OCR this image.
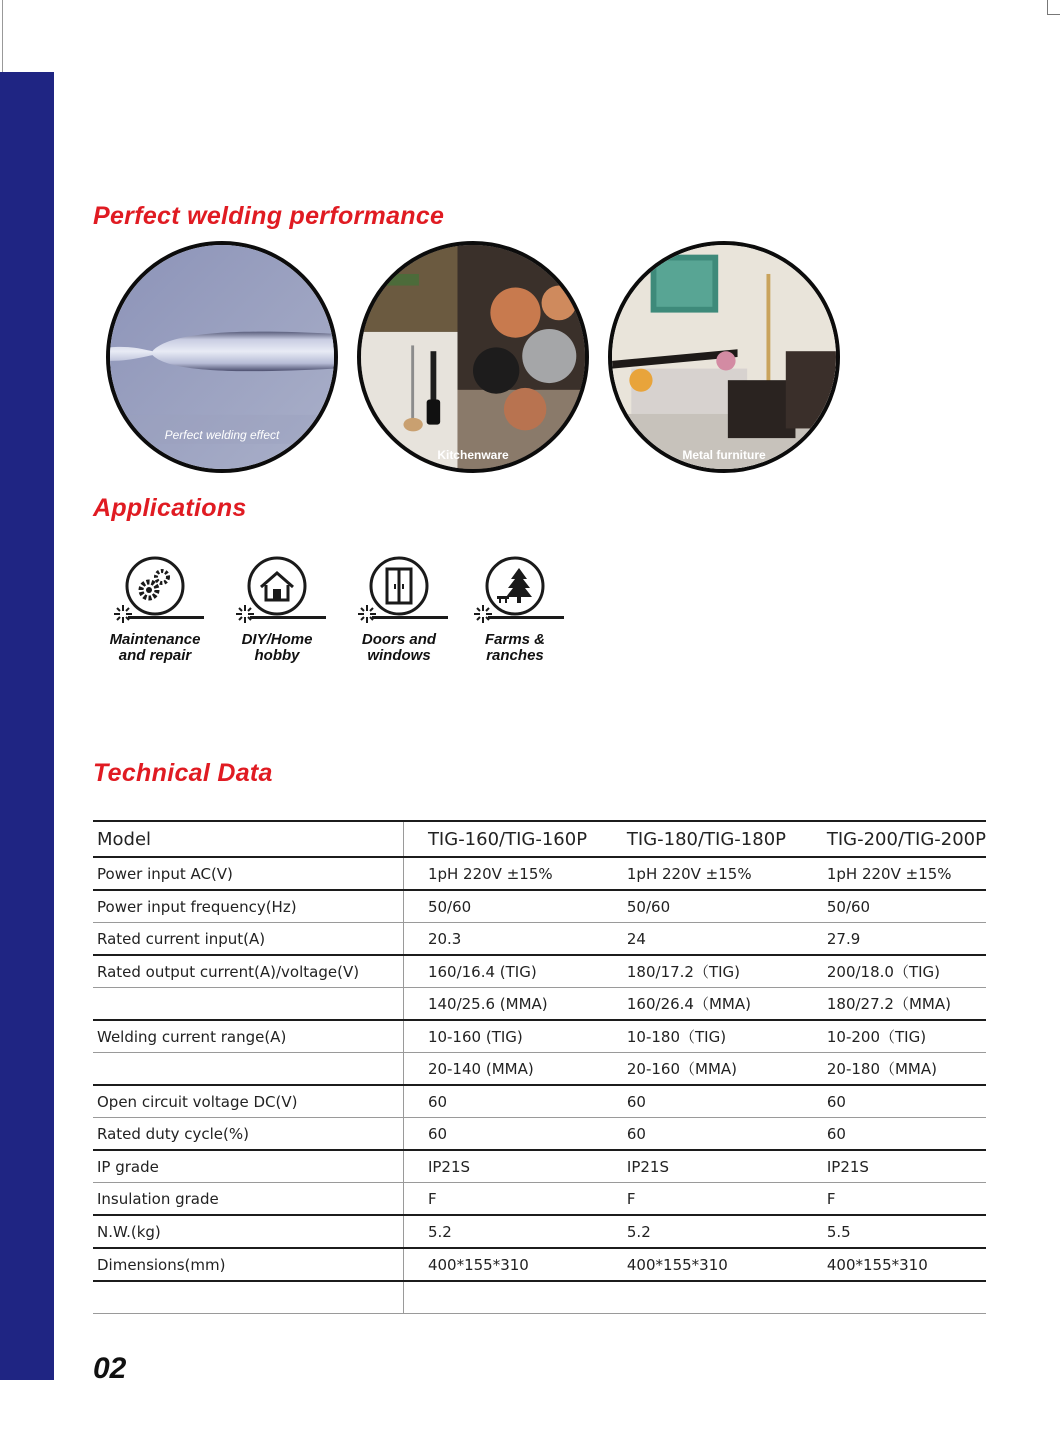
Perfect welding performance
Perfect welding effect
Kitchenware	Metal furniture
Applications
Maintenance
and repair
DIY/Home
hobby
Doors and
windows
Farms &
ranches
Technical Data
Model	TIG-160/TIG-160P	TIG-180/TIG-180P	TIG-200/TIG-200P
Power input AC(V)	1pH 220V ±15%	1pH 220V ±15%	1pH 220V ±15%
Power input frequency(Hz)	50/60	50/60	50/60
Rated current input(A)	20.3	24	27.9
Rated output current(A)/voltage(V)	160/16.4 (TIG)	180/17.2（TIG)	200/18.0（TIG)
	140/25.6 (MMA)	160/26.4（MMA)	180/27.2（MMA)
Welding current range(A)	10-160 (TIG)	10-180（TIG)	10-200（TIG)
	20-140 (MMA)	20-160（MMA)	20-180（MMA)
Open circuit voltage DC(V)	60	60	60
Rated duty cycle(%)	60	60	60
IP grade	IP21S	IP21S	IP21S
Insulation grade	F	F	F
N.W.(kg)	5.2	5.2	5.5
Dimensions(mm)	400*155*310	400*155*310	400*155*310

02
